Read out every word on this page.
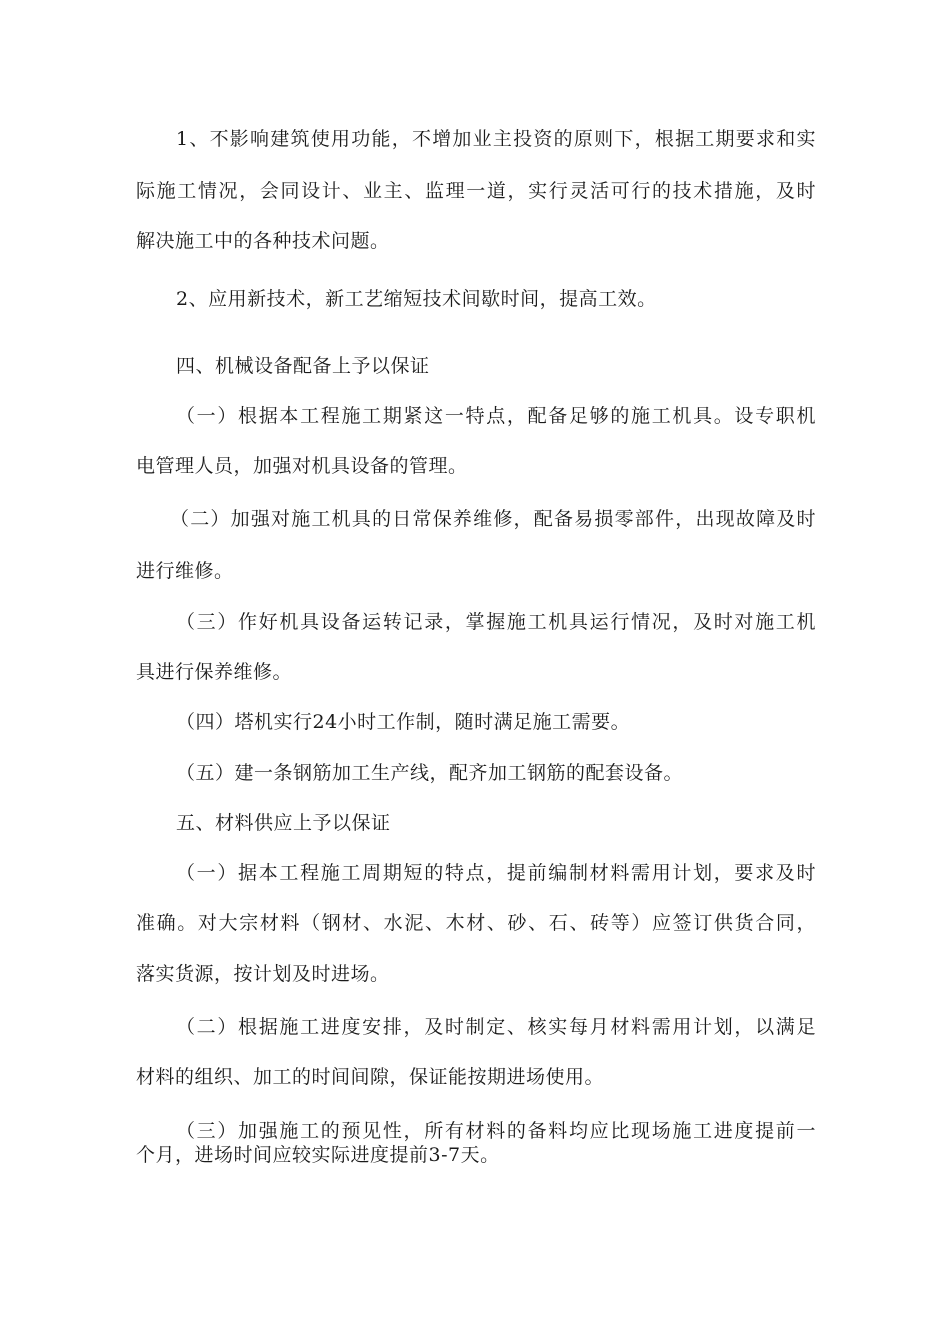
1、不影响建筑使用功能，不增加业主投资的原则下，根据工期要求和实
际施工情况，会同设计、业主、监理一道，实行灵活可行的技术措施，及时
解决施工中的各种技术问题。
2、应用新技术，新工艺缩短技术间歇时间，提高工效。
四、机械设备配备上予以保证
（一）根据本工程施工期紧这一特点，配备足够的施工机具。设专职机
电管理人员，加强对机具设备的管理。
（二）加强对施工机具的日常保养维修，配备易损零部件，出现故障及时
进行维修。
（三）作好机具设备运转记录，掌握施工机具运行情况，及时对施工机
具进行保养维修。
（四）塔机实行24小时工作制，随时满足施工需要。
（五）建一条钢筋加工生产线，配齐加工钢筋的配套设备。
五、材料供应上予以保证
（一）据本工程施工周期短的特点，提前编制材料需用计划，要求及时
准确。对大宗材料（钢材、水泥、木材、砂、石、砖等）应签订供货合同，
落实货源，按计划及时进场。
（二）根据施工进度安排，及时制定、核实每月材料需用计划，以满足
材料的组织、加工的时间间隙，保证能按期进场使用。
（三）加强施工的预见性，所有材料的备料均应比现场施工进度提前一
个月，进场时间应较实际进度提前3-7天。
